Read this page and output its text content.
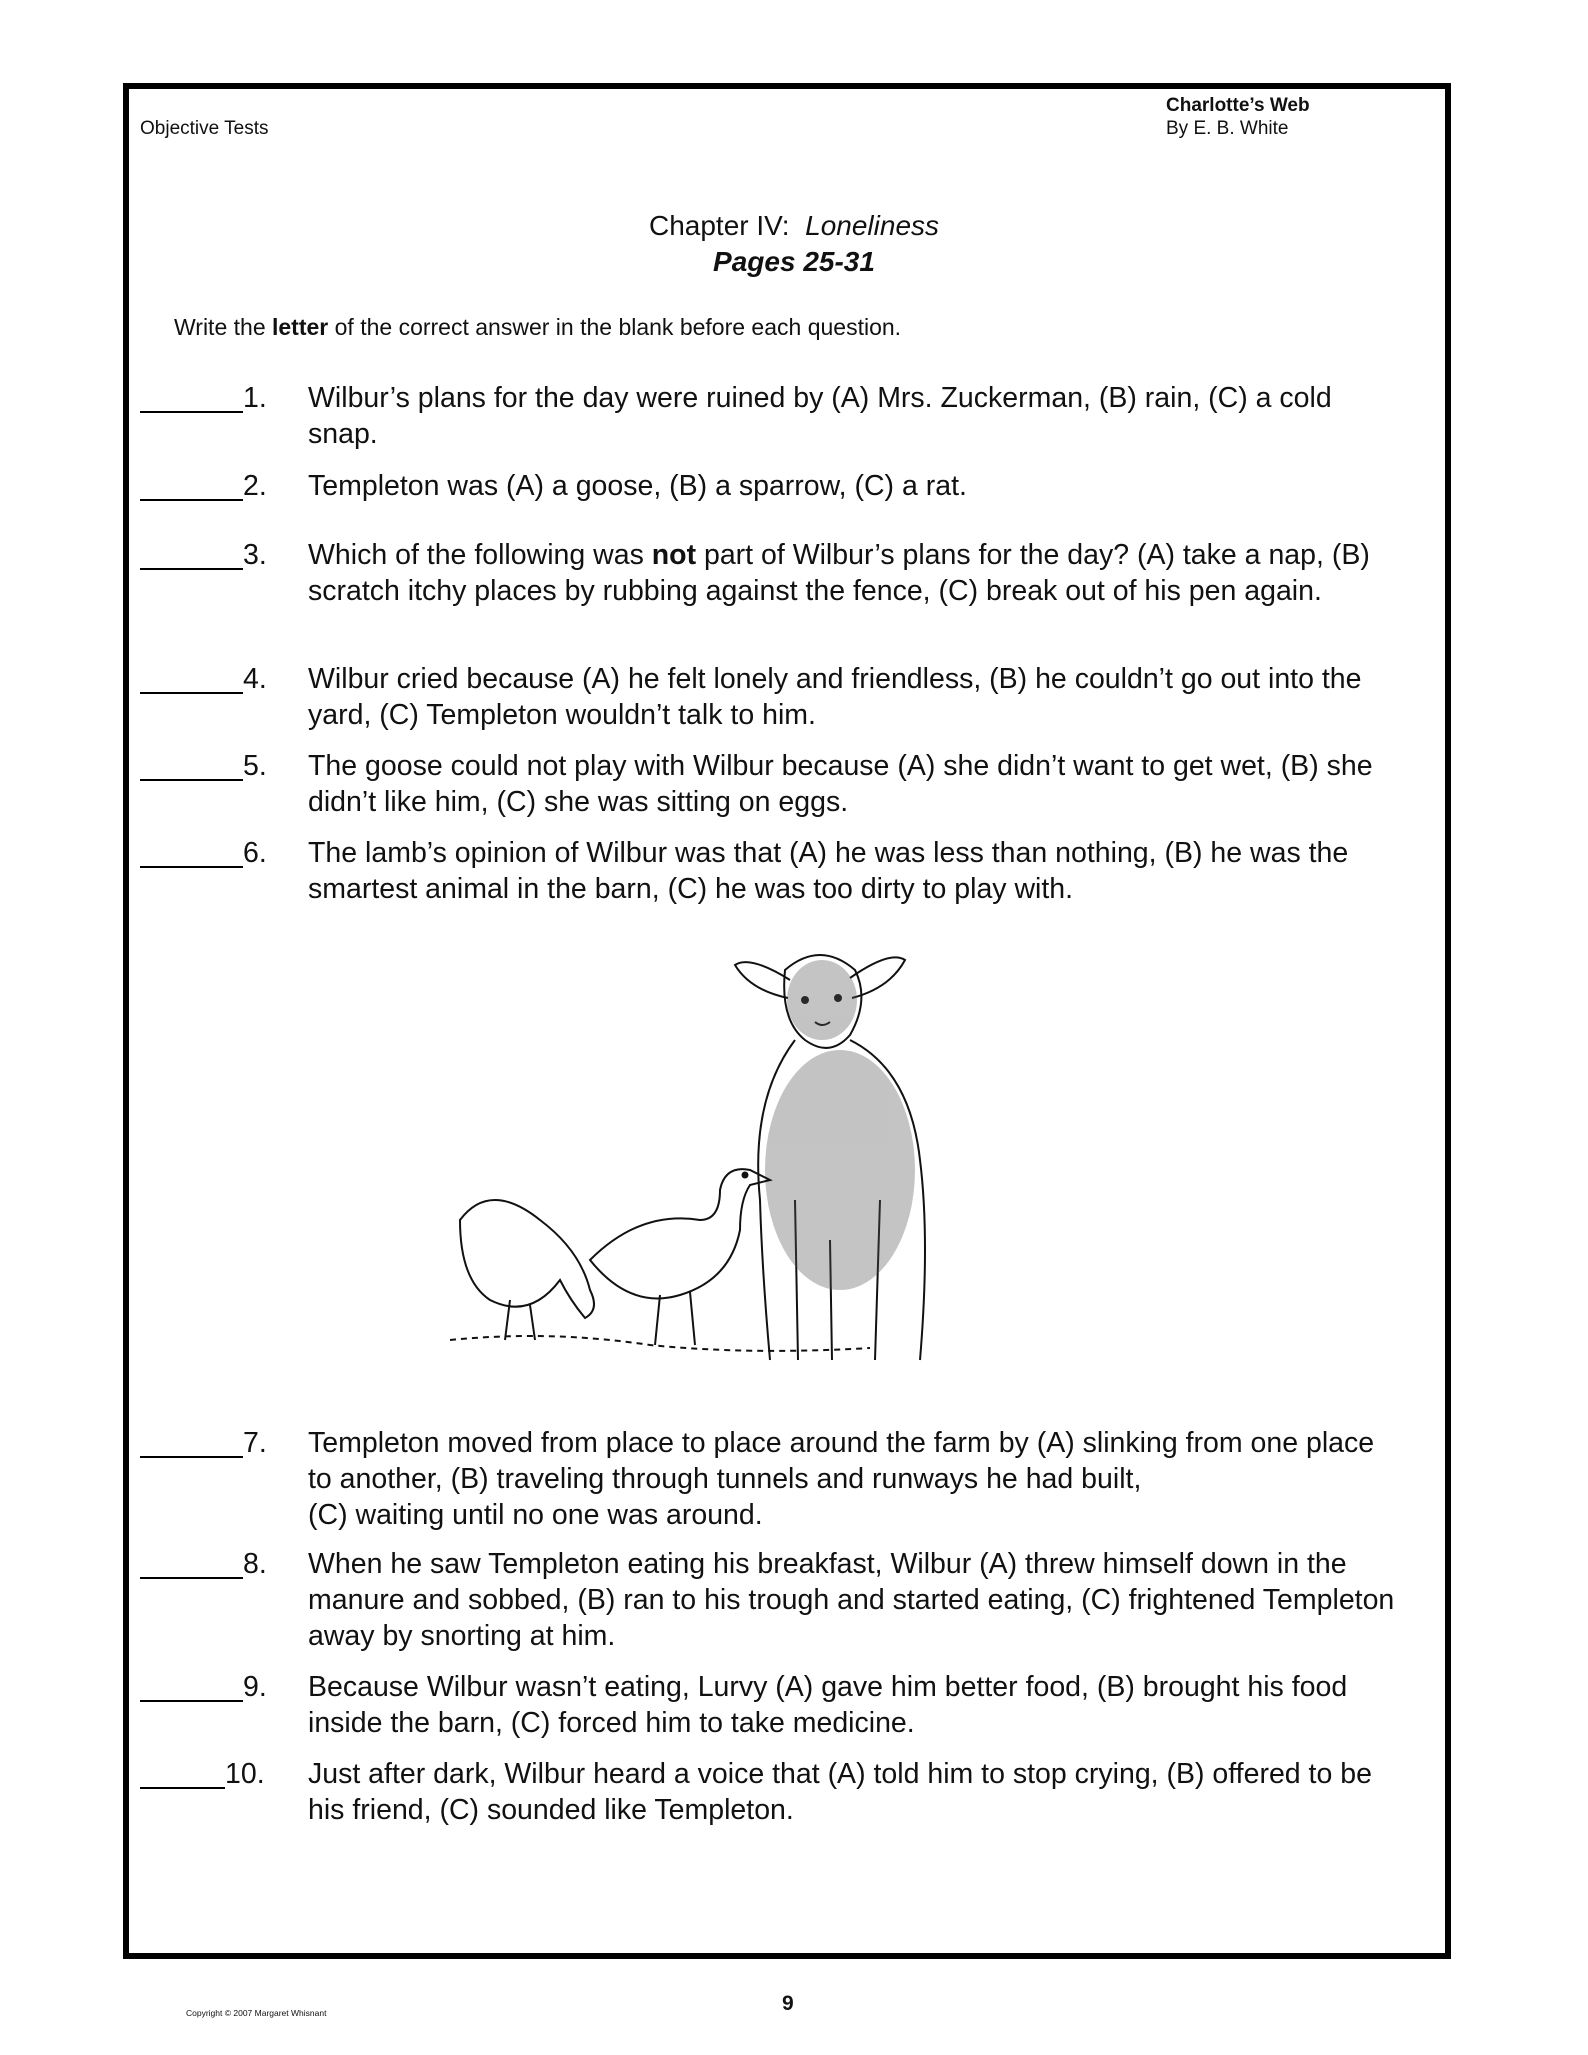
Objective Tests
Charlotte’s Web
By E. B. White
Chapter IV: Loneliness
Pages 25-31
Write the letter of the correct answer in the blank before each question.
1.	Wilbur’s plans for the day were ruined by (A) Mrs. Zuckerman, (B) rain, (C) a cold snap.
2.	Templeton was (A) a goose, (B) a sparrow, (C) a rat.
3.	Which of the following was not part of Wilbur’s plans for the day? (A) take a nap, (B) scratch itchy places by rubbing against the fence, (C) break out of his pen again.
4.	Wilbur cried because (A) he felt lonely and friendless, (B) he couldn’t go out into the yard, (C) Templeton wouldn’t talk to him.
5.	The goose could not play with Wilbur because (A) she didn’t want to get wet, (B) she didn’t like him, (C) she was sitting on eggs.
6.	The lamb’s opinion of Wilbur was that (A) he was less than nothing, (B) he was the smartest animal in the barn, (C) he was too dirty to play with.
7.	Templeton moved from place to place around the farm by (A) slinking from one place to another, (B) traveling through tunnels and runways he had built,
(C) waiting until no one was around.
8.	When he saw Templeton eating his breakfast, Wilbur (A) threw himself down in the manure and sobbed, (B) ran to his trough and started eating, (C) frightened Templeton away by snorting at him.
9.	Because Wilbur wasn’t eating, Lurvy (A) gave him better food, (B) brought his food inside the barn, (C) forced him to take medicine.
10.	Just after dark, Wilbur heard a voice that (A) told him to stop crying, (B) offered to be his friend, (C) sounded like Templeton.
Copyright © 2007 Margaret Whisnant	9
